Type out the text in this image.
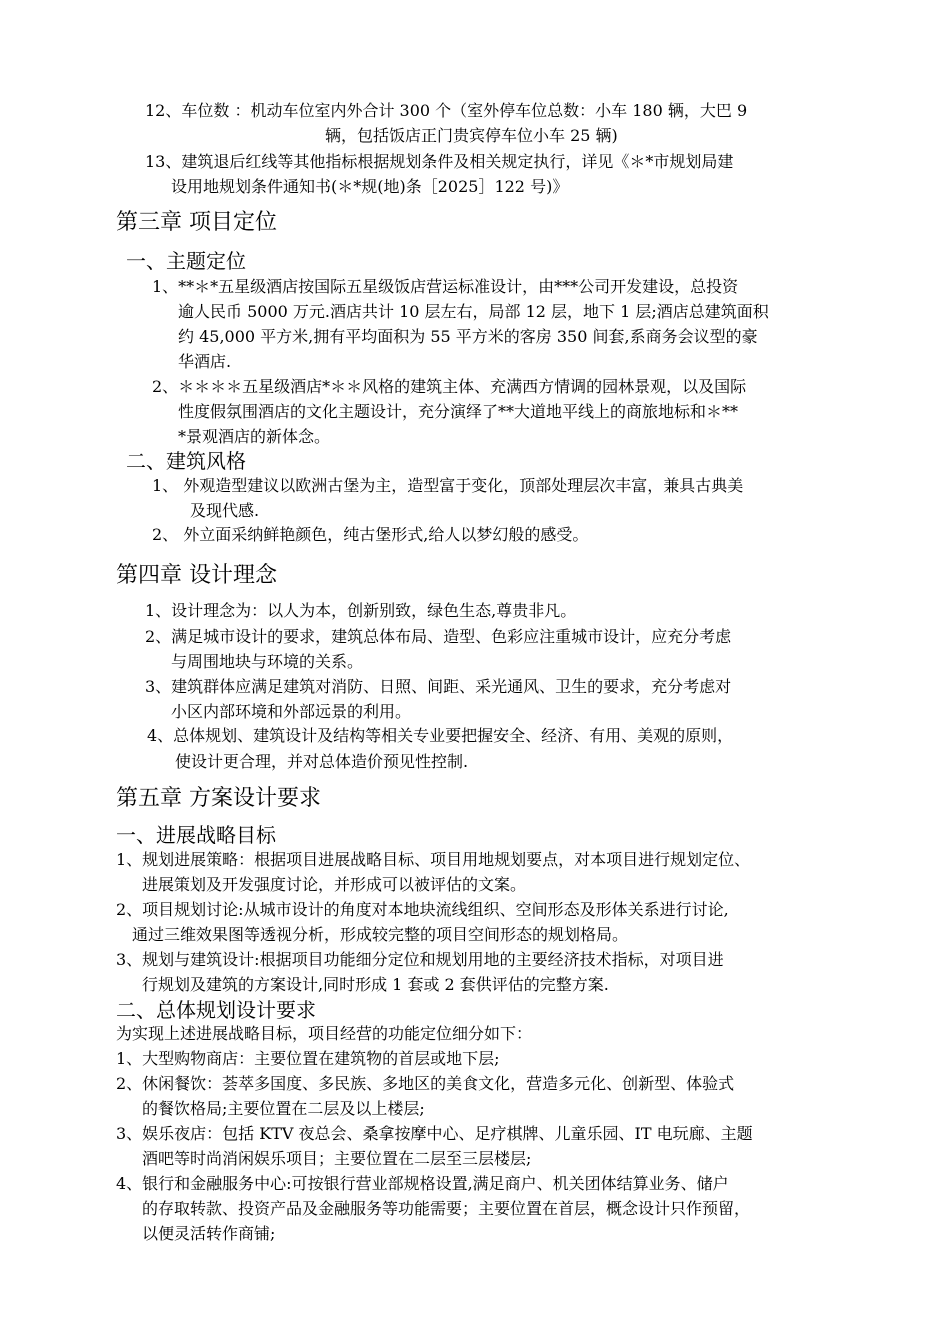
12、车位数 ：机动车位室内外合计 300 个（室外停车位总数：小车 180 辆，大巴 9
辆，包括饭店正门贵宾停车位小车 25 辆)
13、建筑退后红线等其他指标根据规划条件及相关规定执行，详见《＊*市规划局建
设用地规划条件通知书(＊*规(地)条［2025］122 号)》
第三章 项目定位
一、主题定位
1、**＊*五星级酒店按国际五星级饭店营运标准设计，由***公司开发建设，总投资
逾人民币 5000 万元.酒店共计 10 层左右，局部 12 层，地下 1 层;酒店总建筑面积
约 45,000 平方米,拥有平均面积为 55 平方米的客房 350 间套,系商务会议型的豪
华酒店.
2、＊＊＊＊五星级酒店*＊＊风格的建筑主体、充满西方情调的园林景观，以及国际
性度假氛围酒店的文化主题设计，充分演绎了**大道地平线上的商旅地标和＊**
*景观酒店的新体念。
二、建筑风格
1、 外观造型建议以欧洲古堡为主，造型富于变化，顶部处理层次丰富，兼具古典美
及现代感.
2、 外立面采纳鲜艳颜色，纯古堡形式,给人以梦幻般的感受。
第四章 设计理念
1、设计理念为：以人为本，创新别致，绿色生态,尊贵非凡。
2、满足城市设计的要求，建筑总体布局、造型、色彩应注重城市设计，应充分考虑
与周围地块与环境的关系。
3、建筑群体应满足建筑对消防、日照、间距、采光通风、卫生的要求，充分考虑对
小区内部环境和外部远景的利用。
4、总体规划、建筑设计及结构等相关专业要把握安全、经济、有用、美观的原则，
使设计更合理，并对总体造价预见性控制.
第五章 方案设计要求
一、进展战略目标
1、规划进展策略：根据项目进展战略目标、项目用地规划要点，对本项目进行规划定位、
进展策划及开发强度讨论，并形成可以被评估的文案。
2、项目规划讨论:从城市设计的角度对本地块流线组织、空间形态及形体关系进行讨论,
通过三维效果图等透视分析，形成较完整的项目空间形态的规划格局。
3、规划与建筑设计:根据项目功能细分定位和规划用地的主要经济技术指标，对项目进
行规划及建筑的方案设计,同时形成 1 套或 2 套供评估的完整方案.
二、总体规划设计要求
为实现上述进展战略目标，项目经营的功能定位细分如下：
1、大型购物商店：主要位置在建筑物的首层或地下层;
2、休闲餐饮：荟萃多国度、多民族、多地区的美食文化，营造多元化、创新型、体验式
的餐饮格局;主要位置在二层及以上楼层;
3、娱乐夜店：包括 KTV 夜总会、桑拿按摩中心、足疗棋牌、儿童乐园、IT 电玩廊、主题
酒吧等时尚消闲娱乐项目；主要位置在二层至三层楼层;
4、银行和金融服务中心:可按银行营业部规格设置,满足商户、机关团体结算业务、储户
的存取转款、投资产品及金融服务等功能需要；主要位置在首层，概念设计只作预留，
以便灵活转作商铺;
